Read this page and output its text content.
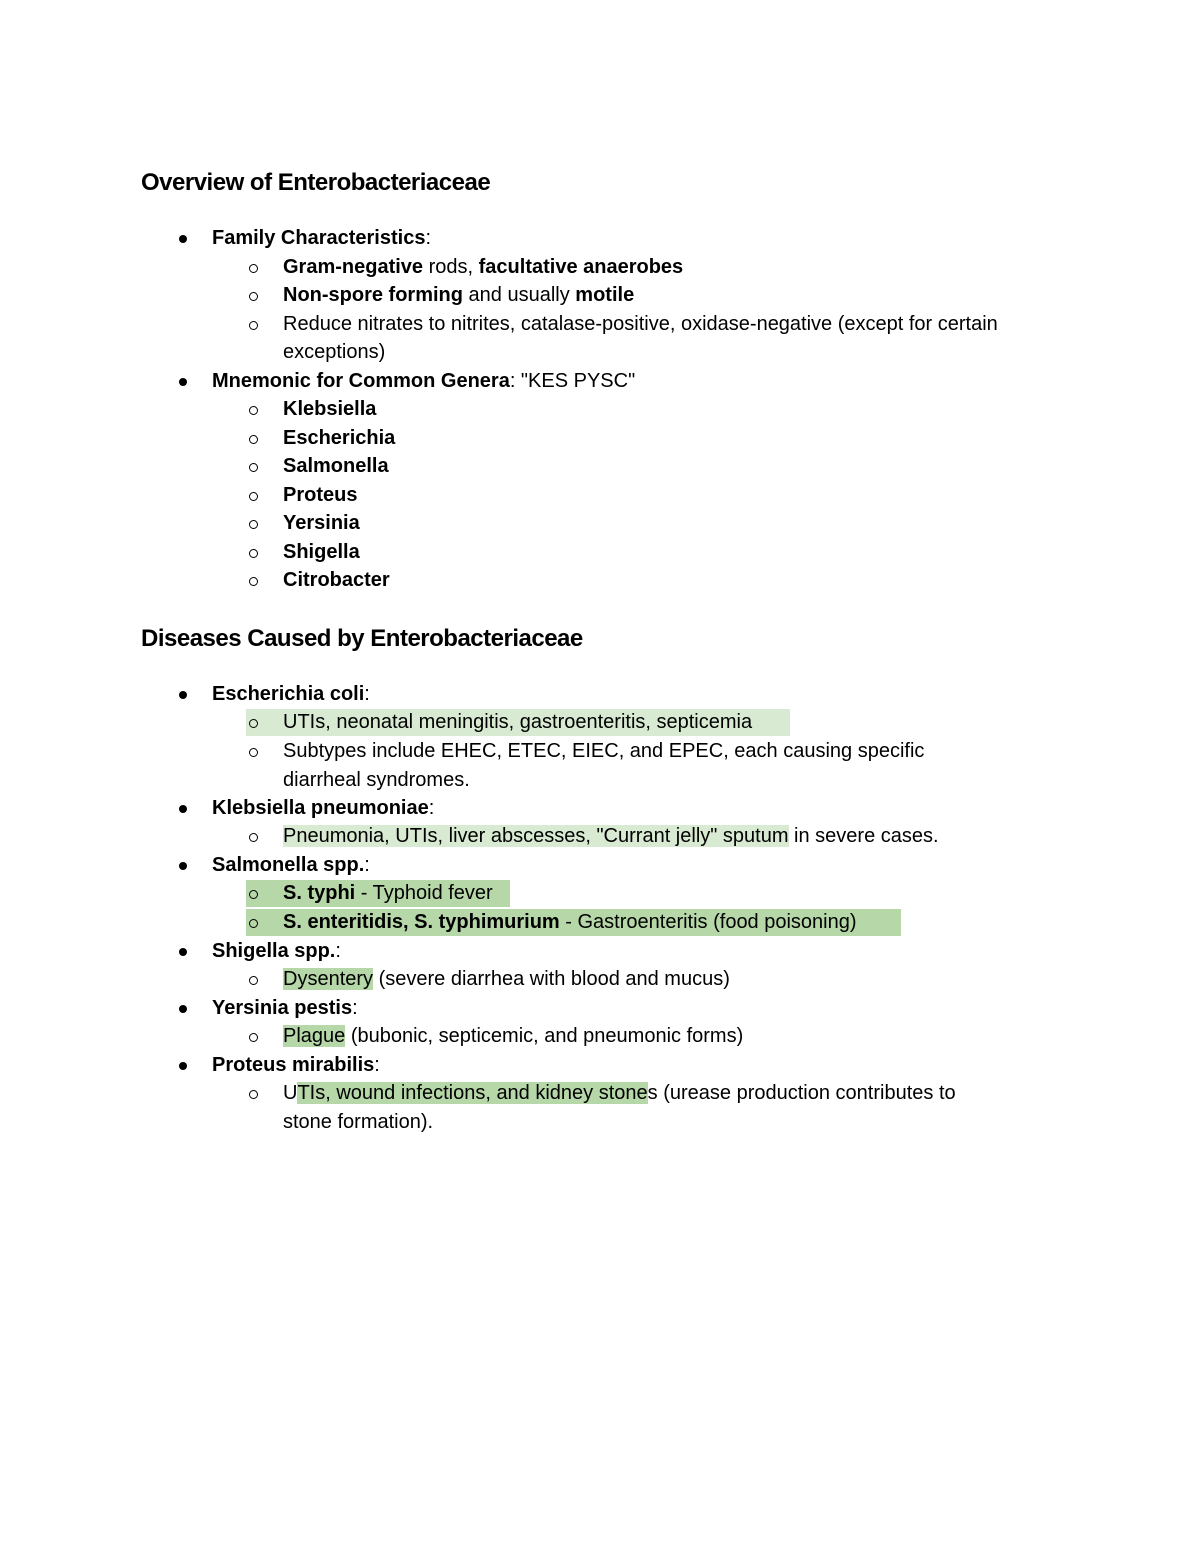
Overview of Enterobacteriaceae
Family Characteristics:
Gram-negative rods, facultative anaerobes
Non-spore forming and usually motile
Reduce nitrates to nitrites, catalase-positive, oxidase-negative (except for certain
exceptions)
Mnemonic for Common Genera: "KES PYSC"
Klebsiella
Escherichia
Salmonella
Proteus
Yersinia
Shigella
Citrobacter
Diseases Caused by Enterobacteriaceae
Escherichia coli:
UTIs, neonatal meningitis, gastroenteritis, septicemia
Subtypes include EHEC, ETEC, EIEC, and EPEC, each causing specific
diarrheal syndromes.
Klebsiella pneumoniae:
Pneumonia, UTIs, liver abscesses, "Currant jelly" sputum in severe cases.
Salmonella spp.:
S. typhi - Typhoid fever
S. enteritidis, S. typhimurium - Gastroenteritis (food poisoning)
Shigella spp.:
Dysentery (severe diarrhea with blood and mucus)
Yersinia pestis:
Plague (bubonic, septicemic, and pneumonic forms)
Proteus mirabilis:
UTIs, wound infections, and kidney stones (urease production contributes to
stone formation).
